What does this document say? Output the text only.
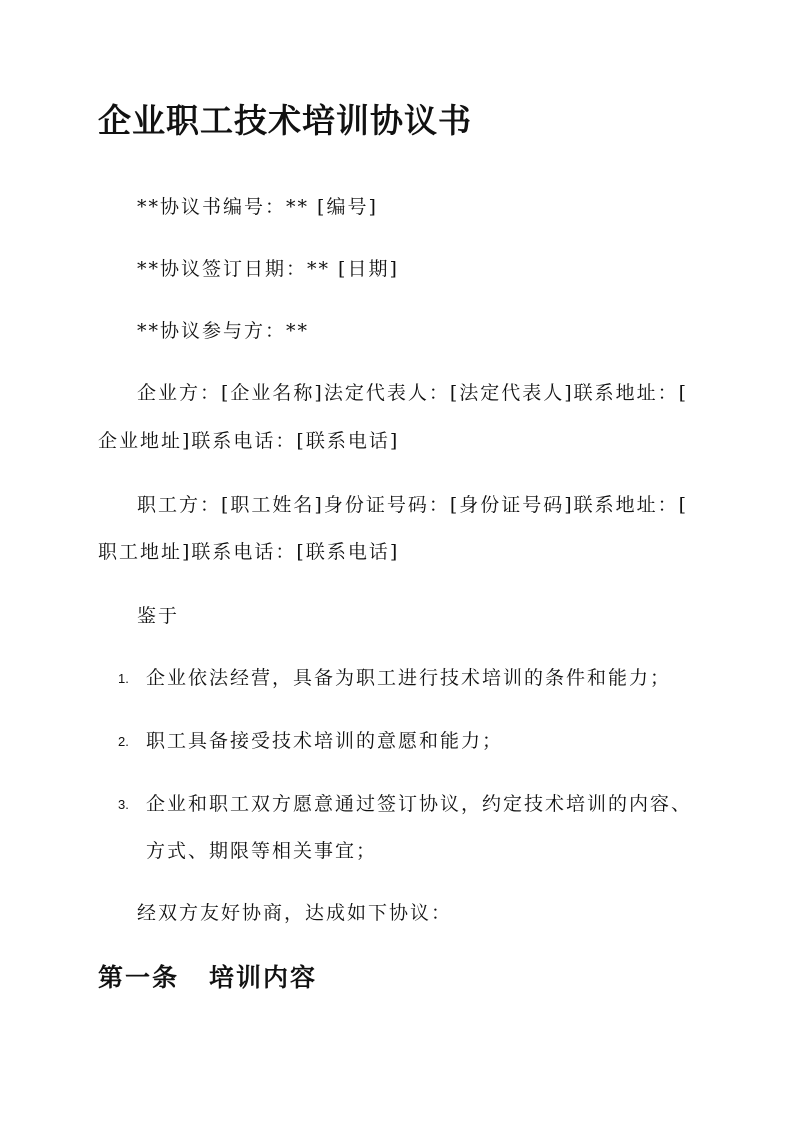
企业职工技术培训协议书
**协议书编号：** [编号]
**协议签订日期：** [日期]
**协议参与方：**
企业方：[企业名称]法定代表人：[法定代表人]联系地址：[
企业地址]联系电话：[联系电话]
职工方：[职工姓名]身份证号码：[身份证号码]联系地址：[
职工地址]联系电话：[联系电话]
鉴于
1. 企业依法经营，具备为职工进行技术培训的条件和能力；
2. 职工具备接受技术培训的意愿和能力；
3. 企业和职工双方愿意通过签订协议，约定技术培训的内容、
方式、期限等相关事宜；
经双方友好协商，达成如下协议：
第一条 培训内容
